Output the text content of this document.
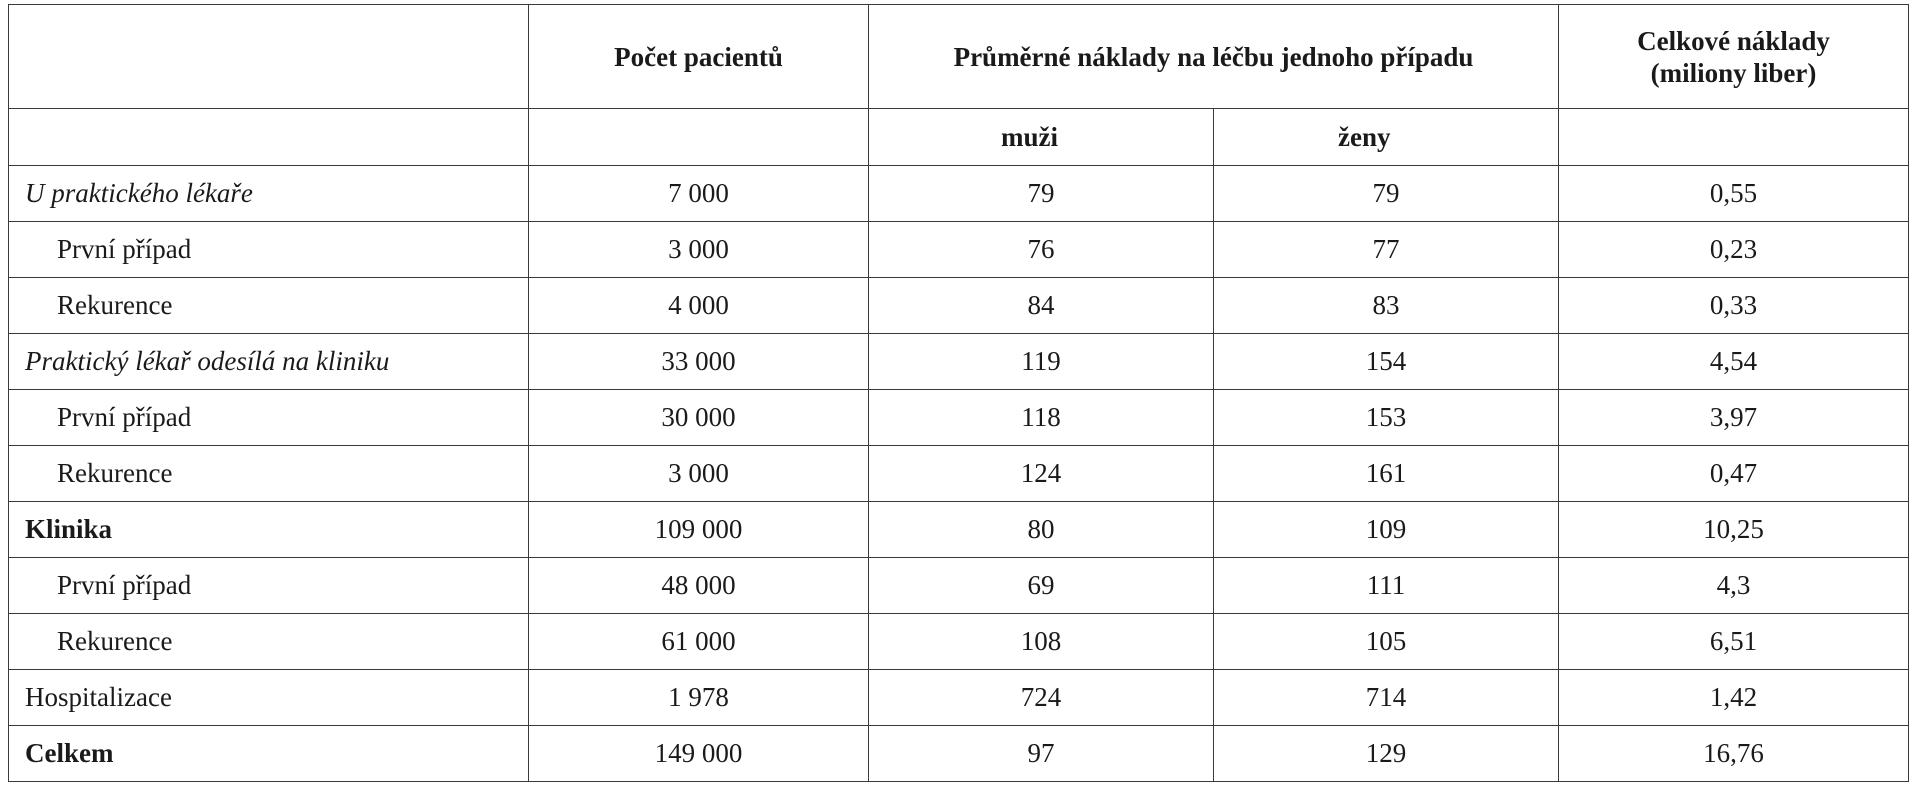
	Počet pacientů	Průměrné náklady na léčbu jednoho případu		Celkové náklady
(miliony liber)

		muži	ženy	
U praktického lékaře	7 000	79	79	0,55
První případ	3 000	76	77	0,23
Rekurence	4 000	84	83	0,33
Praktický lékař odesílá na kliniku	33 000	119	154	4,54
První případ	30 000	118	153	3,97
Rekurence	3 000	124	161	0,47
Klinika	109 000	80	109	10,25
První případ	48 000	69	111	4,3
Rekurence	61 000	108	105	6,51
Hospitalizace	1 978	724	714	1,42
Celkem	149 000	97	129	16,76
